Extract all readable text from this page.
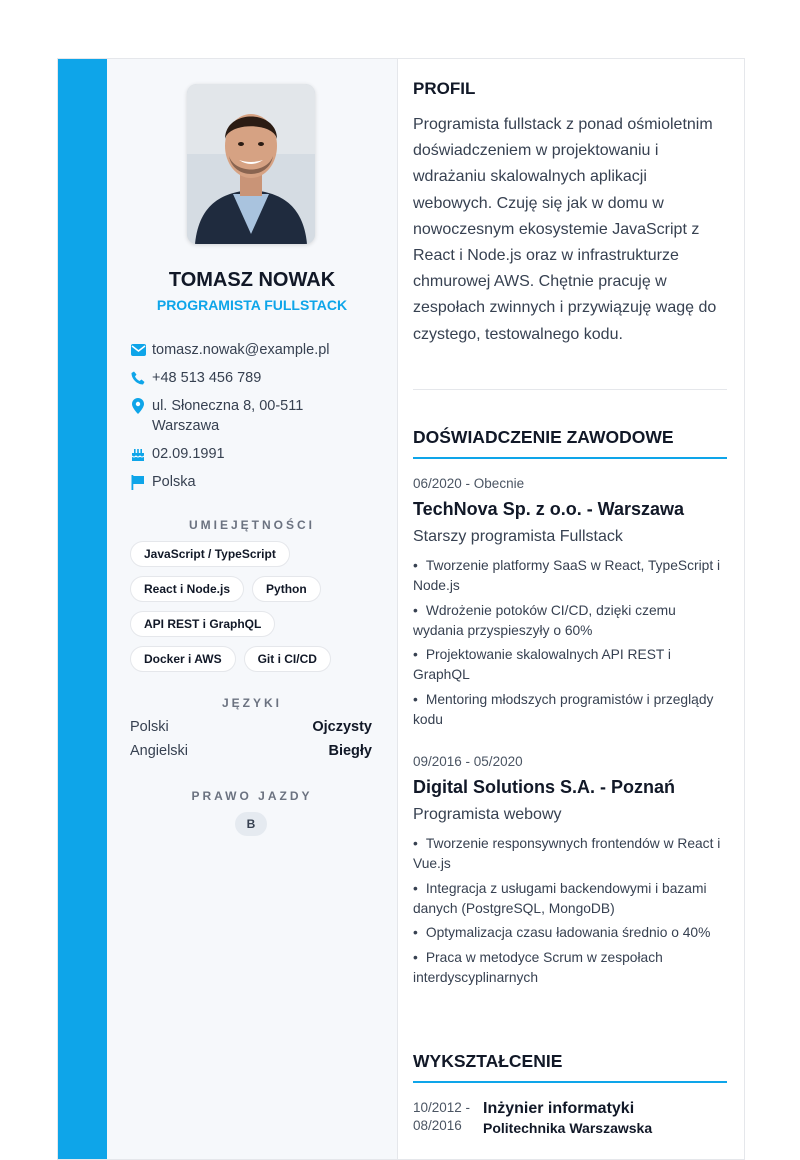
TOMASZ NOWAK
PROGRAMISTA FULLSTACK
tomasz.nowak@example.pl
+48 513 456 789
ul. Słoneczna 8, 00-511
Warszawa
02.09.1991
Polska
UMIEJĘTNOŚCI
JavaScript / TypeScript
React i Node.js	Python
API REST i GraphQL
Docker i AWS	Git i CI/CD
JĘZYKI
Polski	Ojczysty
Angielski	Biegły
PRAWO JAZDY
B
PROFIL
Programista fullstack z ponad ośmioletnim doświadczeniem w projektowaniu i wdrażaniu skalowalnych aplikacji webowych. Czuję się jak w domu w nowoczesnym ekosystemie JavaScript z React i Node.js oraz w infrastrukturze chmurowej AWS. Chętnie pracuję w zespołach zwinnych i przywiązuję wagę do czystego, testowalnego kodu.
DOŚWIADCZENIE ZAWODOWE
06/2020 - Obecnie
TechNova Sp. z o.o. - Warszawa
Starszy programista Fullstack
• Tworzenie platformy SaaS w React, TypeScript i Node.js
• Wdrożenie potoków CI/CD, dzięki czemu wydania przyspieszyły o 60%
• Projektowanie skalowalnych API REST i GraphQL
• Mentoring młodszych programistów i przeglądy kodu
09/2016 - 05/2020
Digital Solutions S.A. - Poznań
Programista webowy
• Tworzenie responsywnych frontendów w React i Vue.js
• Integracja z usługami backendowymi i bazami danych (PostgreSQL, MongoDB)
• Optymalizacja czasu ładowania średnio o 40%
• Praca w metodyce Scrum w zespołach interdyscyplinarnych
WYKSZTAŁCENIE
10/2012 -
08/2016
Inżynier informatyki
Politechnika Warszawska
